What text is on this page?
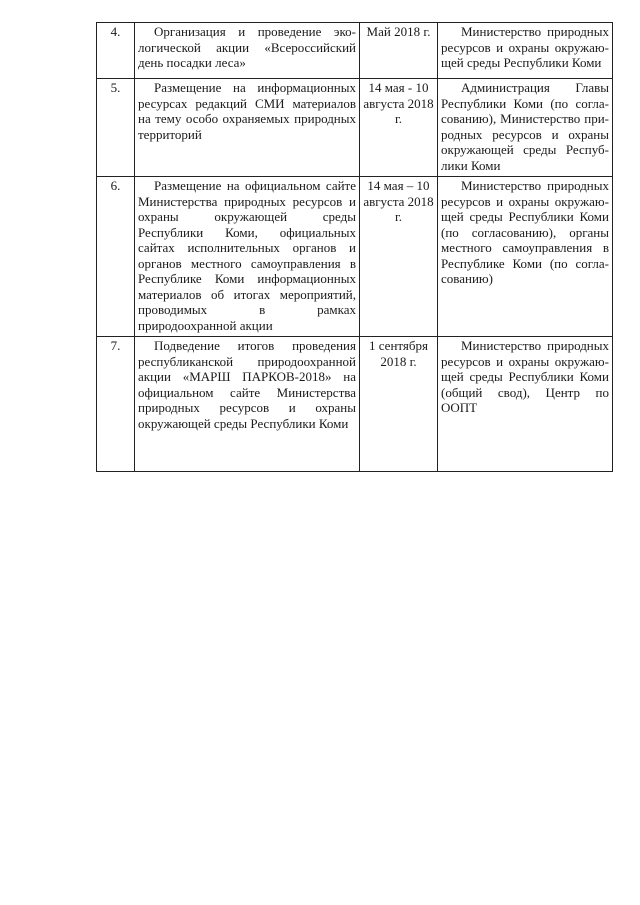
4.	Организация и проведение экологической акции «Всероссийский день посадки леса»	Май 2018 г.	Министерство природных ресурсов и охраны окружающей среды Республики Коми

5.	Размещение на информационных ресурсах редакций СМИ материалов на тему особо охраняемых природных территорий	14 мая - 10 августа 2018 г.	Администрация Главы Республики Коми (по согласованию), Министерство природных ресурсов и охраны окружающей среды Республики Коми

6.	Размещение на официальном сайте Министерства природных ресурсов и охраны окружающей среды Республики Коми, официальных сайтах исполнительных органов и органов местного самоуправления в Республике Коми информационных материалов об итогах мероприятий, проводимых в рамках природоохранной акции	14 мая – 10 августа 2018 г.	Министерство природных ресурсов и охраны окружающей среды Республики Коми (по согласованию), органы местного самоуправления в Республике Коми (по согласованию)

7.	Подведение итогов проведения республиканской природоохранной акции «МАРШ ПАРКОВ-2018» на официальном сайте Министерства природных ресурсов и охраны окружающей среды Республики Коми	1 сентября 2018 г.	Министерство природных ресурсов и охраны окружающей среды Республики Коми (общий свод), Центр по ООПТ
